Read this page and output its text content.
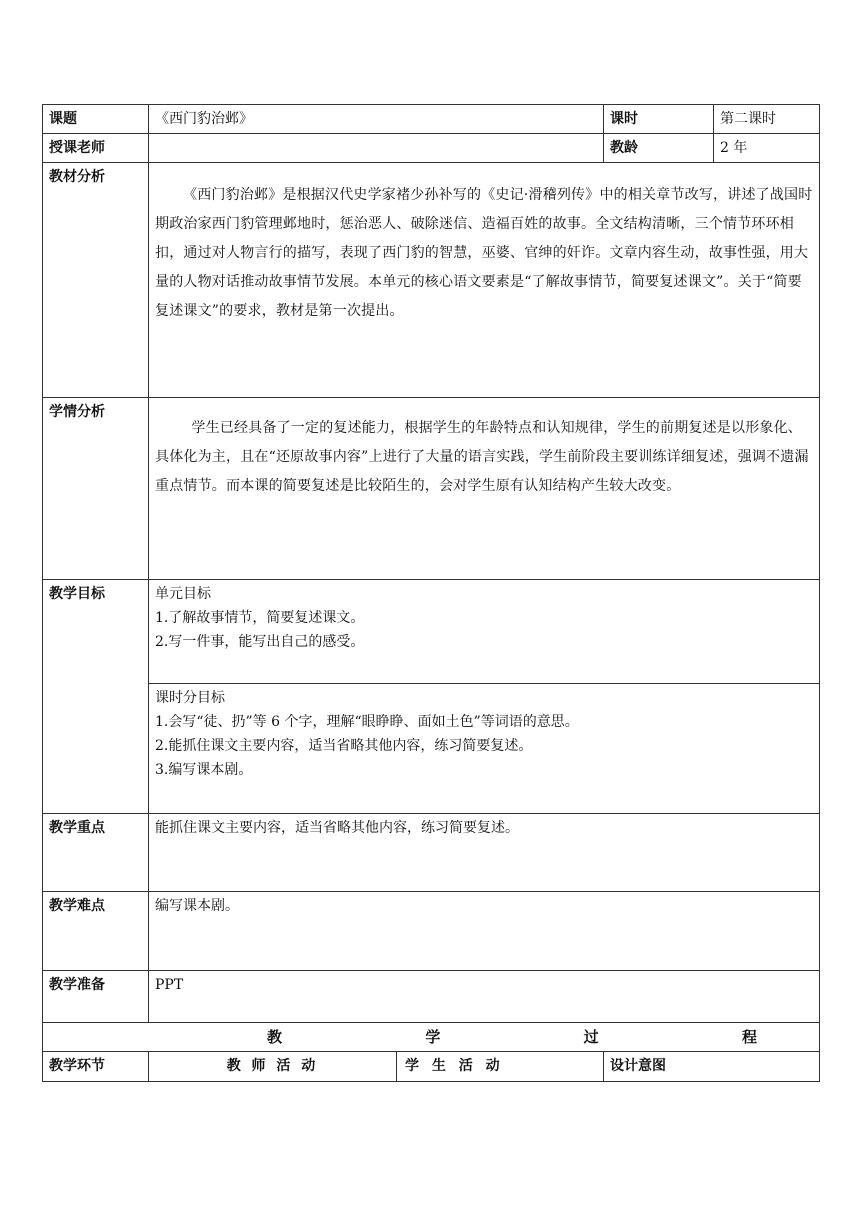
课题	《西门豹治邺》		课时	第二课时
授课老师			教龄	2 年
教材分析	《西门豹治邺》是根据汉代史学家褚少孙补写的《史记·滑稽列传》中的相关章节改写，讲述了战国时期政治家西门豹管理邺地时，惩治恶人、破除迷信、造福百姓的故事。全文结构清晰，三个情节环环相扣，通过对人物言行的描写，表现了西门豹的智慧，巫婆、官绅的奸诈。文章内容生动，故事性强，用大量的人物对话推动故事情节发展。本单元的核心语文要素是“了解故事情节，简要复述课文”。关于“简要复述课文”的要求，教材是第一次提出。			

学情分析	学生已经具备了一定的复述能力，根据学生的年龄特点和认知规律，学生的前期复述是以形象化、具体化为主，且在“还原故事内容”上进行了大量的语言实践，学生前阶段主要训练详细复述，强调不遗漏重点情节。而本课的简要复述是比较陌生的，会对学生原有认知结构产生较大改变。			

教学目标	单元目标
1.了解故事情节，简要复述课文。
2.写一件事，能写出自己的感受。			

	课时分目标
1.会写“徒、扔”等 6 个字，理解“眼睁睁、面如土色”等词语的意思。
2.能抓住课文主要内容，适当省略其他内容，练习简要复述。
3.编写课本剧。			

教学重点	能抓住课文主要内容，适当省略其他内容，练习简要复述。			
教学难点	编写课本剧。			
教学准备	PPT			

教 学 过 程				

教学环节	教 师 活 动	学 生 活 动	设计意图	
